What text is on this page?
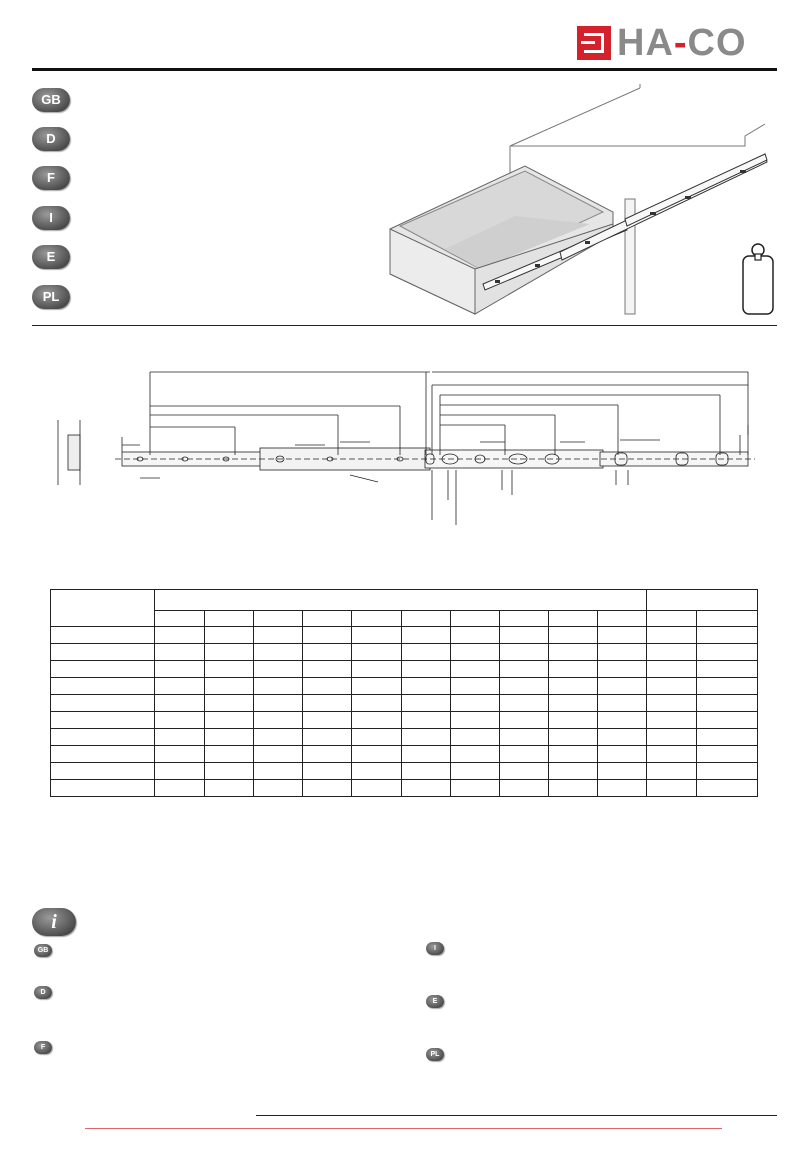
HA-CO
GB
D
F
I
E
PL

i
GB
D
F
I
E
PL
